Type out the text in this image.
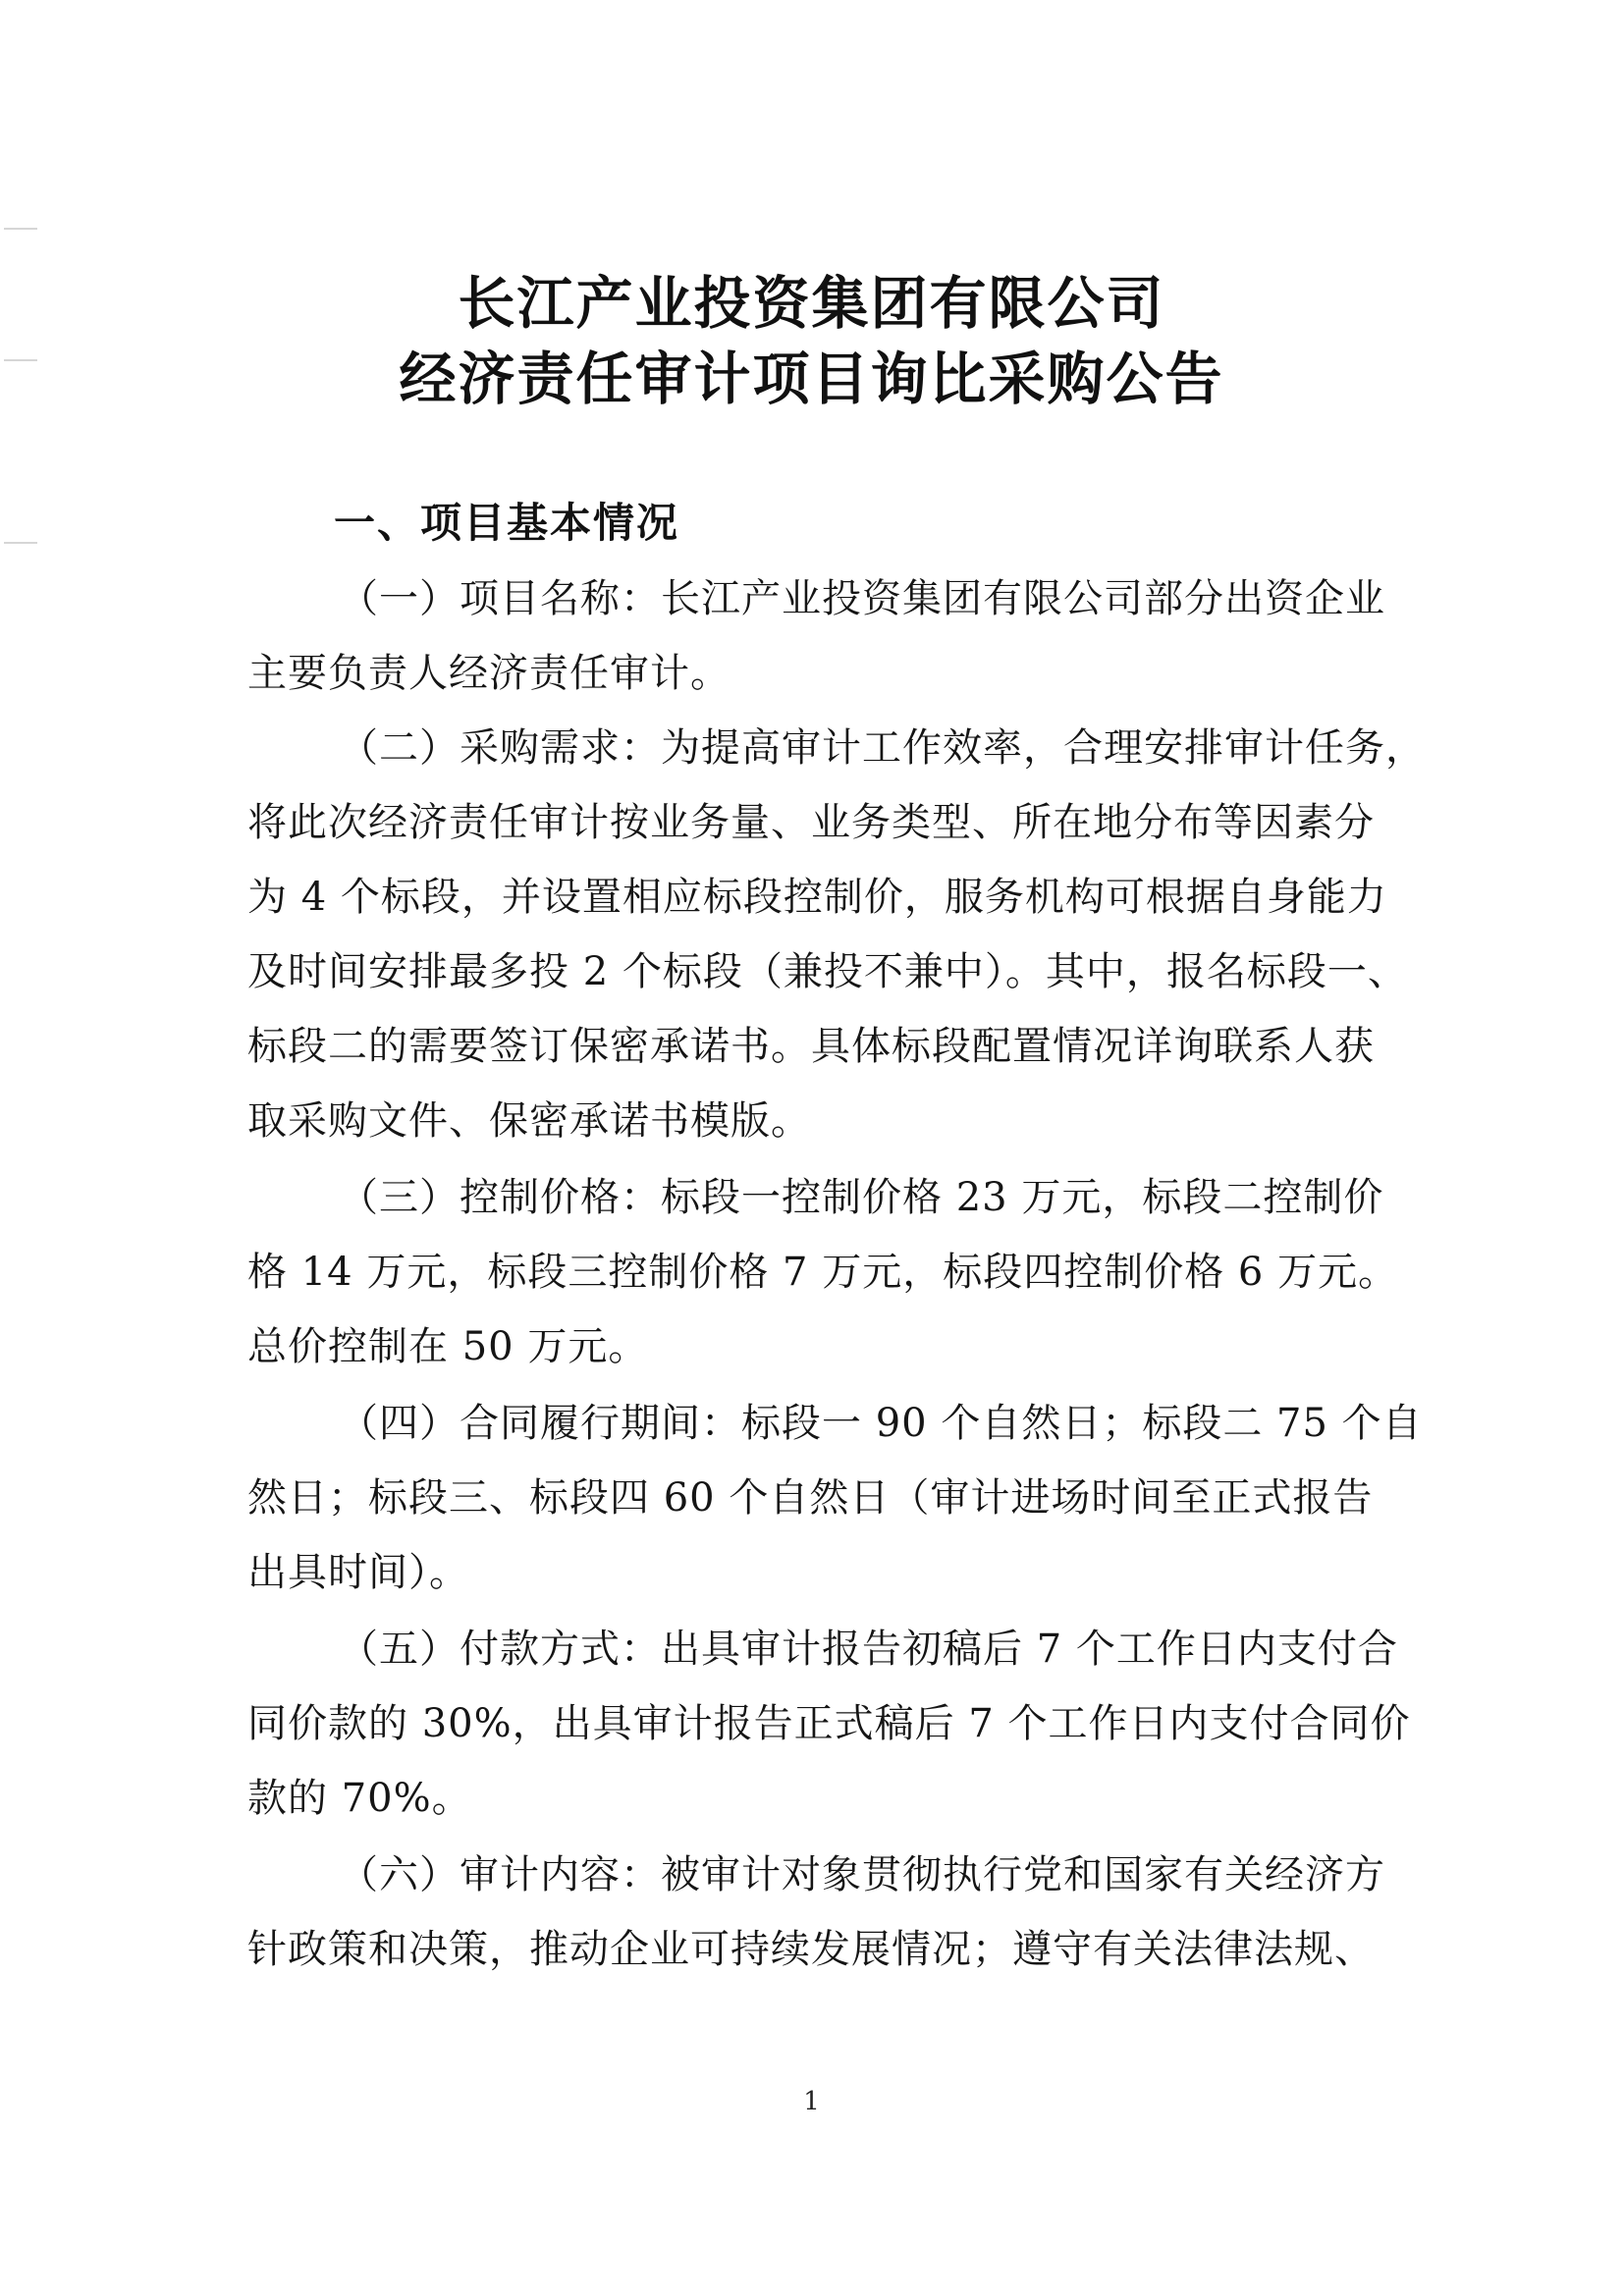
长江产业投资集团有限公司
经济责任审计项目询比采购公告
一、项目基本情况
（一）项目名称：长江产业投资集团有限公司部分出资企业
主要负责人经济责任审计。
（二）采购需求：为提高审计工作效率，合理安排审计任务，
将此次经济责任审计按业务量、业务类型、所在地分布等因素分
为 4 个标段，并设置相应标段控制价，服务机构可根据自身能力
及时间安排最多投 2 个标段（兼投不兼中）。其中，报名标段一、
标段二的需要签订保密承诺书。具体标段配置情况详询联系人获
取采购文件、保密承诺书模版。
（三）控制价格：标段一控制价格 23 万元，标段二控制价
格 14 万元，标段三控制价格 7 万元，标段四控制价格 6 万元。
总价控制在 50 万元。
（四）合同履行期间：标段一 90 个自然日；标段二 75 个自
然日；标段三、标段四 60 个自然日（审计进场时间至正式报告
出具时间）。
（五）付款方式：出具审计报告初稿后 7 个工作日内支付合
同价款的 30%，出具审计报告正式稿后 7 个工作日内支付合同价
款的 70%。
（六）审计内容：被审计对象贯彻执行党和国家有关经济方
针政策和决策，推动企业可持续发展情况；遵守有关法律法规、
1
